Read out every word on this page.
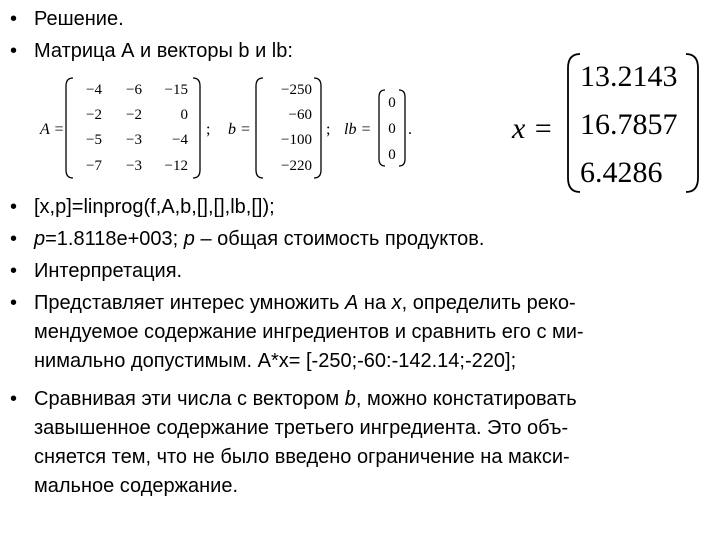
• Решение.
• Матрица А и векторы b и lb:
• [x,p]=linprog(f,A,b,[],[],lb,[]);
• p=1.8118e+003; p – общая стоимость продуктов.
• Интерпретация.
• Представляет интерес умножить A на x, определить реко-
мендуемое содержание ингредиентов и сравнить его с ми-
нимально допустимым. A*x= [-250;-60:-142.14;-220];
• Сравнивая эти числа с вектором b, можно констатировать
завышенное содержание третьего ингредиента. Это объ-
сняется тем, что не было введено ограничение на макси-
мальное содержание.
A =
−4 −6 −15
−2 −2	0
−5 −3 −4
−7 −3 −12
; b =
−250
−60
−100
−220
; lb =
0
0
0
.	x =
13.2143
16.7857
6.4286
